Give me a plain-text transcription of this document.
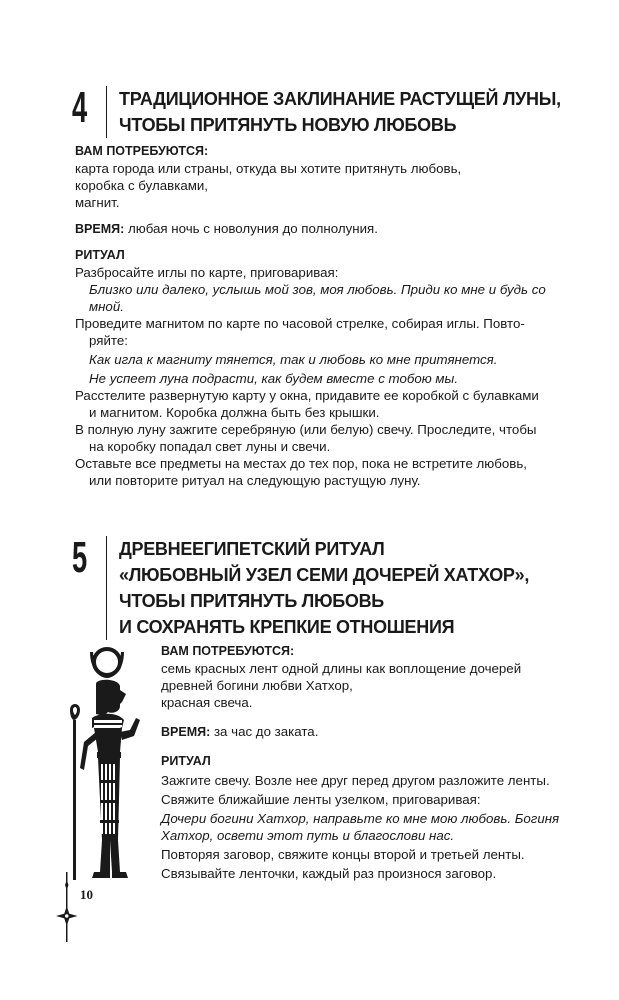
4	ТРАДИЦИОННОЕ ЗАКЛИНАНИЕ РАСТУЩЕЙ ЛУНЫ,
ЧТОБЫ ПРИТЯНУТЬ НОВУЮ ЛЮБОВЬ
ВАМ ПОТРЕБУЮТСЯ:
карта города или страны, откуда вы хотите притянуть любовь,
коробка с булавками,
магнит.
ВРЕМЯ: любая ночь с новолуния до полнолуния.
РИТУАЛ
Разбросайте иглы по карте, приговаривая:
Близко или далеко, услышь мой зов, моя любовь. Приди ко мне и будь со
мной.
Проведите магнитом по карте по часовой стрелке, собирая иглы. Повто-
ряйте:
Как игла к магниту тянется, так и любовь ко мне притянется.
Не успеет луна подрасти, как будем вместе с тобою мы.
Расстелите развернутую карту у окна, придавите ее коробкой с булавками
и магнитом. Коробка должна быть без крышки.
В полную луну зажгите серебряную (или белую) свечу. Проследите, чтобы
на коробку попадал свет луны и свечи.
Оставьте все предметы на местах до тех пор, пока не встретите любовь,
или повторите ритуал на следующую растущую луну.
5	ДРЕВНЕЕГИПЕТСКИЙ РИТУАЛ
«ЛЮБОВНЫЙ УЗЕЛ СЕМИ ДОЧЕРЕЙ ХАТХОР»,
ЧТОБЫ ПРИТЯНУТЬ ЛЮБОВЬ
И СОХРАНЯТЬ КРЕПКИЕ ОТНОШЕНИЯ
ВАМ ПОТРЕБУЮТСЯ:
семь красных лент одной длины как воплощение дочерей
древней богини любви Хатхор,
красная свеча.
ВРЕМЯ: за час до заката.
РИТУАЛ
Зажгите свечу. Возле нее друг перед другом разложите ленты.
Свяжите ближайшие ленты узелком, приговаривая:
Дочери богини Хатхор, направьте ко мне мою любовь. Богиня
Хатхор, освети этот путь и благослови нас.
Повторяя заговор, свяжите концы второй и третьей ленты.
Связывайте ленточки, каждый раз произнося заговор.
10
